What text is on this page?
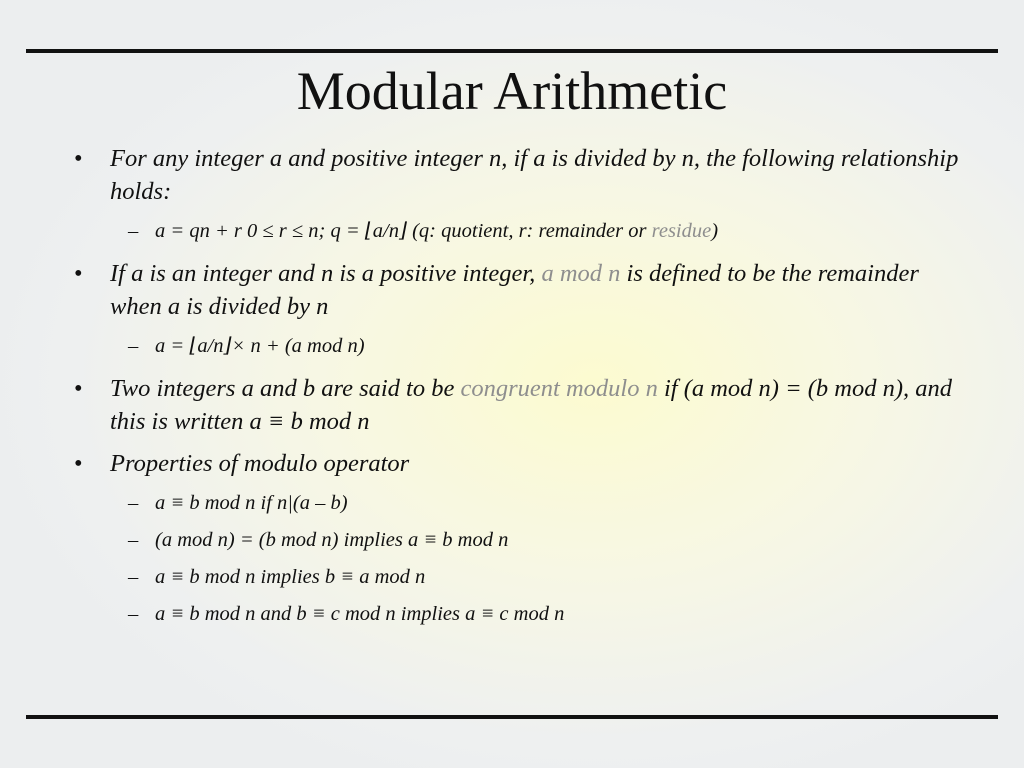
Modular Arithmetic
• For any integer a and positive integer n, if a is divided by n, the following relationship holds:
– a = qn + r 0 ≤ r ≤ n; q = ⌊a/n⌋ (q: quotient, r: remainder or residue)
• If a is an integer and n is a positive integer, a mod n is defined to be the remainder when a is divided by n
– a = ⌊a/n⌋× n + (a mod n)
• Two integers a and b are said to be congruent modulo n if (a mod n) = (b mod n), and this is written a ≡ b mod n
• Properties of modulo operator
– a ≡ b mod n if n|(a – b)
– (a mod n) = (b mod n) implies a ≡ b mod n
– a ≡ b mod n implies b ≡ a mod n
– a ≡ b mod n and b ≡ c mod n implies a ≡ c mod n
